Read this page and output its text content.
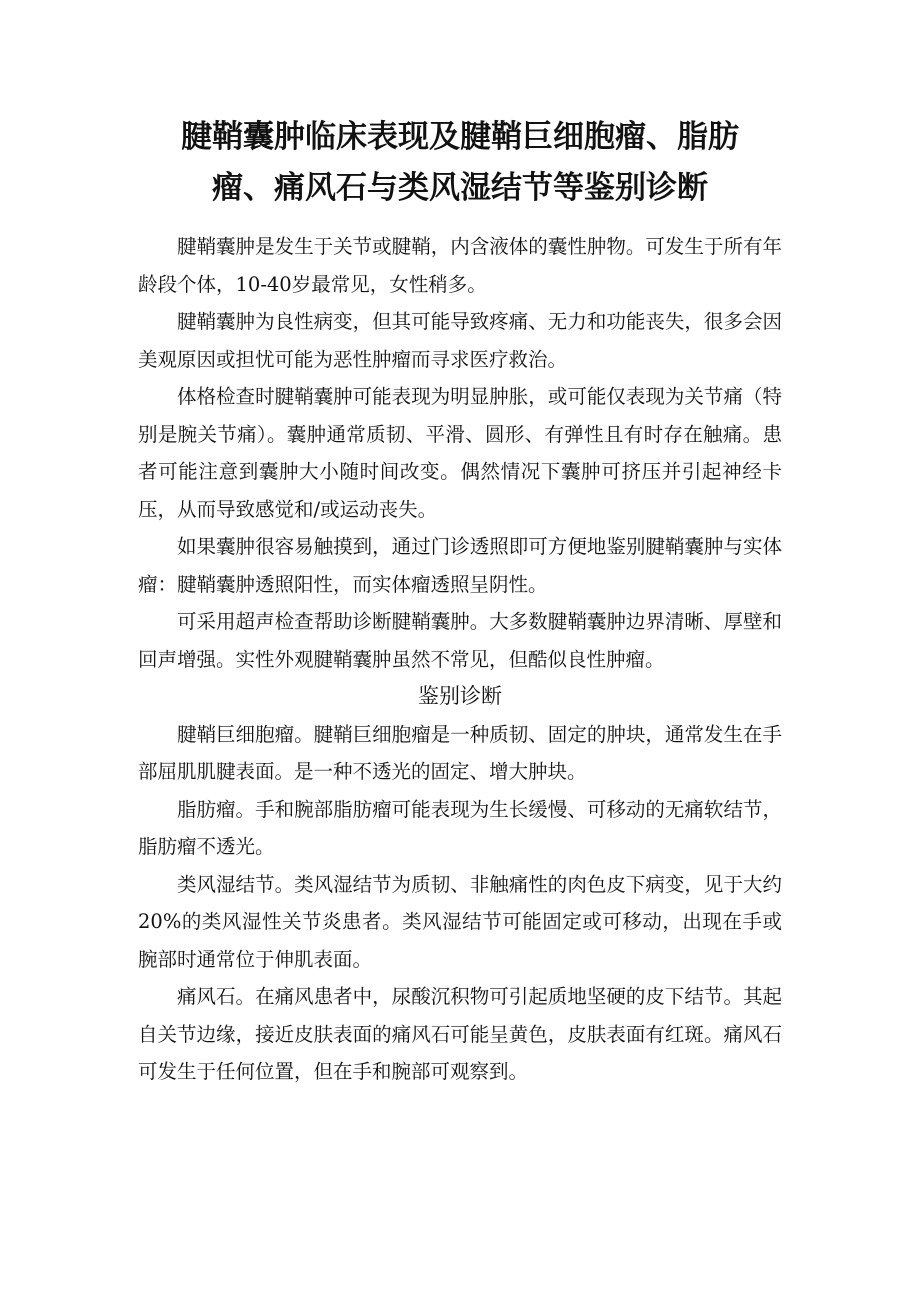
腱鞘囊肿临床表现及腱鞘巨细胞瘤、脂肪
瘤、痛风石与类风湿结节等鉴别诊断

腱鞘囊肿是发生于关节或腱鞘，内含液体的囊性肿物。可发生于所有年龄段个体，10-40岁最常见，女性稍多。

腱鞘囊肿为良性病变，但其可能导致疼痛、无力和功能丧失，很多会因美观原因或担忧可能为恶性肿瘤而寻求医疗救治。

体格检查时腱鞘囊肿可能表现为明显肿胀，或可能仅表现为关节痛（特别是腕关节痛）。囊肿通常质韧、平滑、圆形、有弹性且有时存在触痛。患者可能注意到囊肿大小随时间改变。偶然情况下囊肿可挤压并引起神经卡压，从而导致感觉和/或运动丧失。

如果囊肿很容易触摸到，通过门诊透照即可方便地鉴别腱鞘囊肿与实体瘤：腱鞘囊肿透照阳性，而实体瘤透照呈阴性。

可采用超声检查帮助诊断腱鞘囊肿。大多数腱鞘囊肿边界清晰、厚壁和回声增强。实性外观腱鞘囊肿虽然不常见，但酷似良性肿瘤。

鉴别诊断

腱鞘巨细胞瘤。腱鞘巨细胞瘤是一种质韧、固定的肿块，通常发生在手部屈肌肌腱表面。是一种不透光的固定、增大肿块。

脂肪瘤。手和腕部脂肪瘤可能表现为生长缓慢、可移动的无痛软结节，脂肪瘤不透光。

类风湿结节。类风湿结节为质韧、非触痛性的肉色皮下病变，见于大约20%的类风湿性关节炎患者。类风湿结节可能固定或可移动，出现在手或腕部时通常位于伸肌表面。

痛风石。在痛风患者中，尿酸沉积物可引起质地坚硬的皮下结节。其起自关节边缘，接近皮肤表面的痛风石可能呈黄色，皮肤表面有红斑。痛风石可发生于任何位置，但在手和腕部可观察到。
